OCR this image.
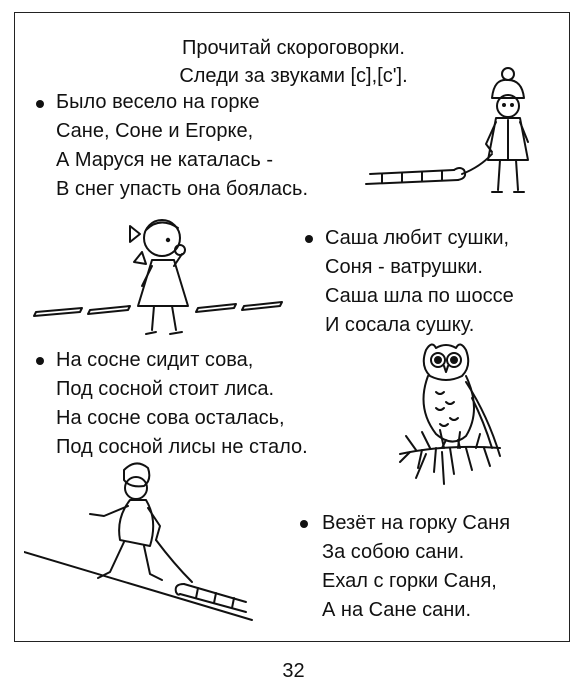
Прочитай скороговорки.
Следи за звуками [с],[с'].
Было весело на горке
Сане, Соне и Егорке,
А Маруся не каталась -
В снег упасть она боялась.
Саша любит сушки,
Соня - ватрушки.
Саша шла по шоссе
И сосала сушку.
На сосне сидит сова,
Под сосной стоит лиса.
На сосне сова осталась,
Под сосной лисы не стало.
Везёт на горку Саня
За собою сани.
Ехал с горки Саня,
А на Сане сани.
32
